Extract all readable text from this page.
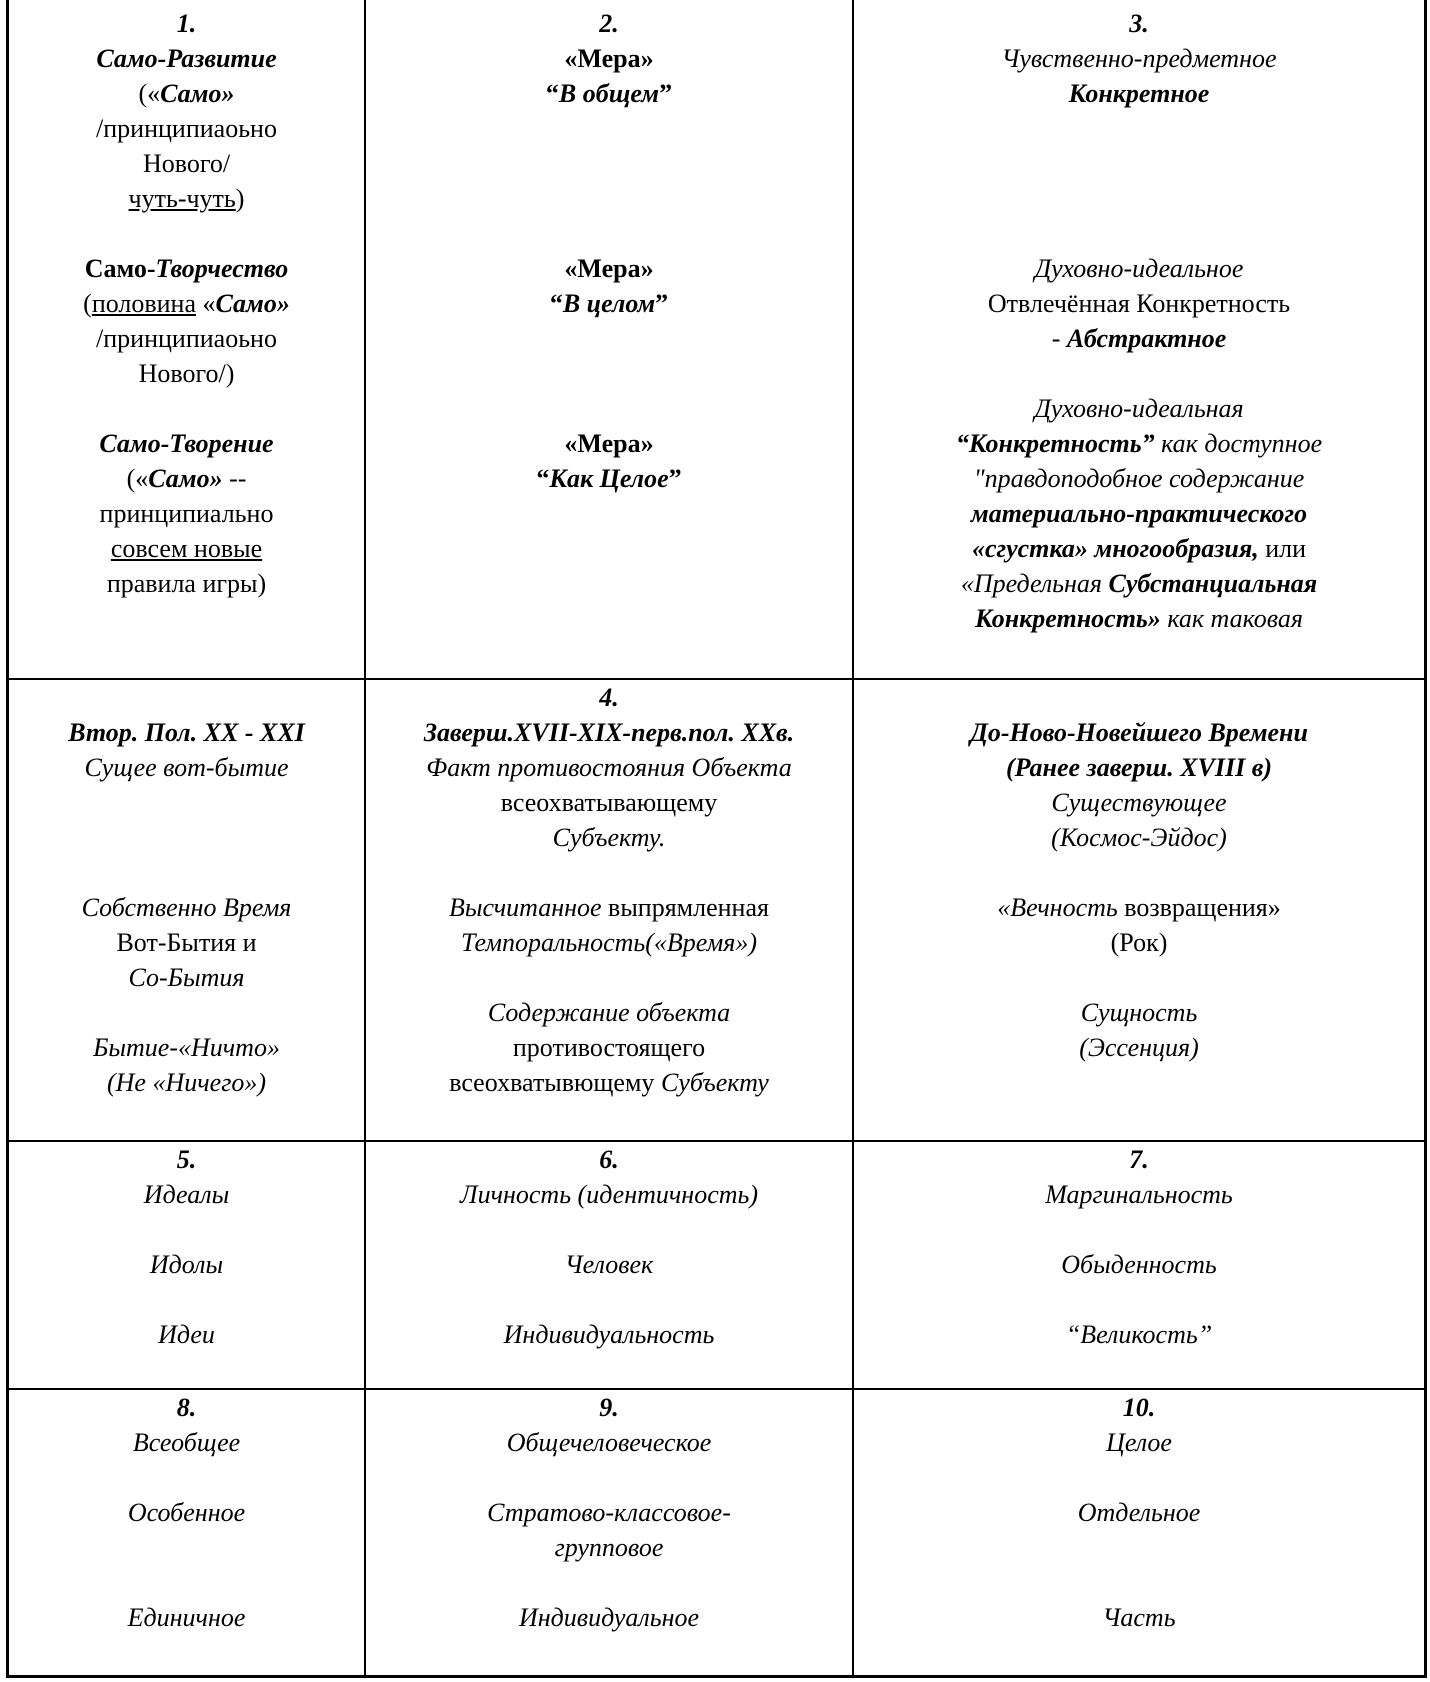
1.
Само-Развитие
(«Само»
/принципиаоьно
Нового/
чуть-чуть)
Само-Творчество
(половина «Само»
/принципиаоьно
Нового/)
Само-Творение
(«Само» --
принципиально
совсем новые
правила игры)
2.
«Мера»
“В общем”
«Мера»
“В целом”
«Мера»
“Как Целое”
3.
Чувственно-предметное
Конкретное
Духовно-идеальное
Отвлечённая Конкретность
- Абстрактное
Духовно-идеальная
“Конкретность” как доступное
"правдоподобное содержание
материально-практического
«сгустка» многообразия, или
«Предельная Субстанциальная
Конкретность» как таковая
Втор. Пол. XX - XXI
Сущее вот-бытие
Собственно Время
Вот-Бытия и
Со-Бытия
Бытие-«Ничто»
(Не «Ничего»)
4.
Заверш.XVII-XIX-перв.пол. XXв.
Факт противостояния Объекта
всеохватывающему
Субъекту.
Высчитанное выпрямленная
Темпоральность(«Время»)
Содержание объекта
противостоящего
всеохватывющему Субъекту
До-Ново-Новейшего Времени
(Ранее заверш. XVIII в)
Существующее
(Космос-Эйдос)
«Вечность возвращения»
(Рок)
Сущность
(Эссенция)
5.
Идеалы
Идолы
Идеи
6.
Личность (идентичность)
Человек
Индивидуальность
7.
Маргинальность
Обыденность
“Великость”
8.
Всеобщее
Особенное
Единичное
9.
Общечеловеческое
Стратово-классовое-
групповое
Индивидуальное
10.
Целое
Отдельное
Часть
